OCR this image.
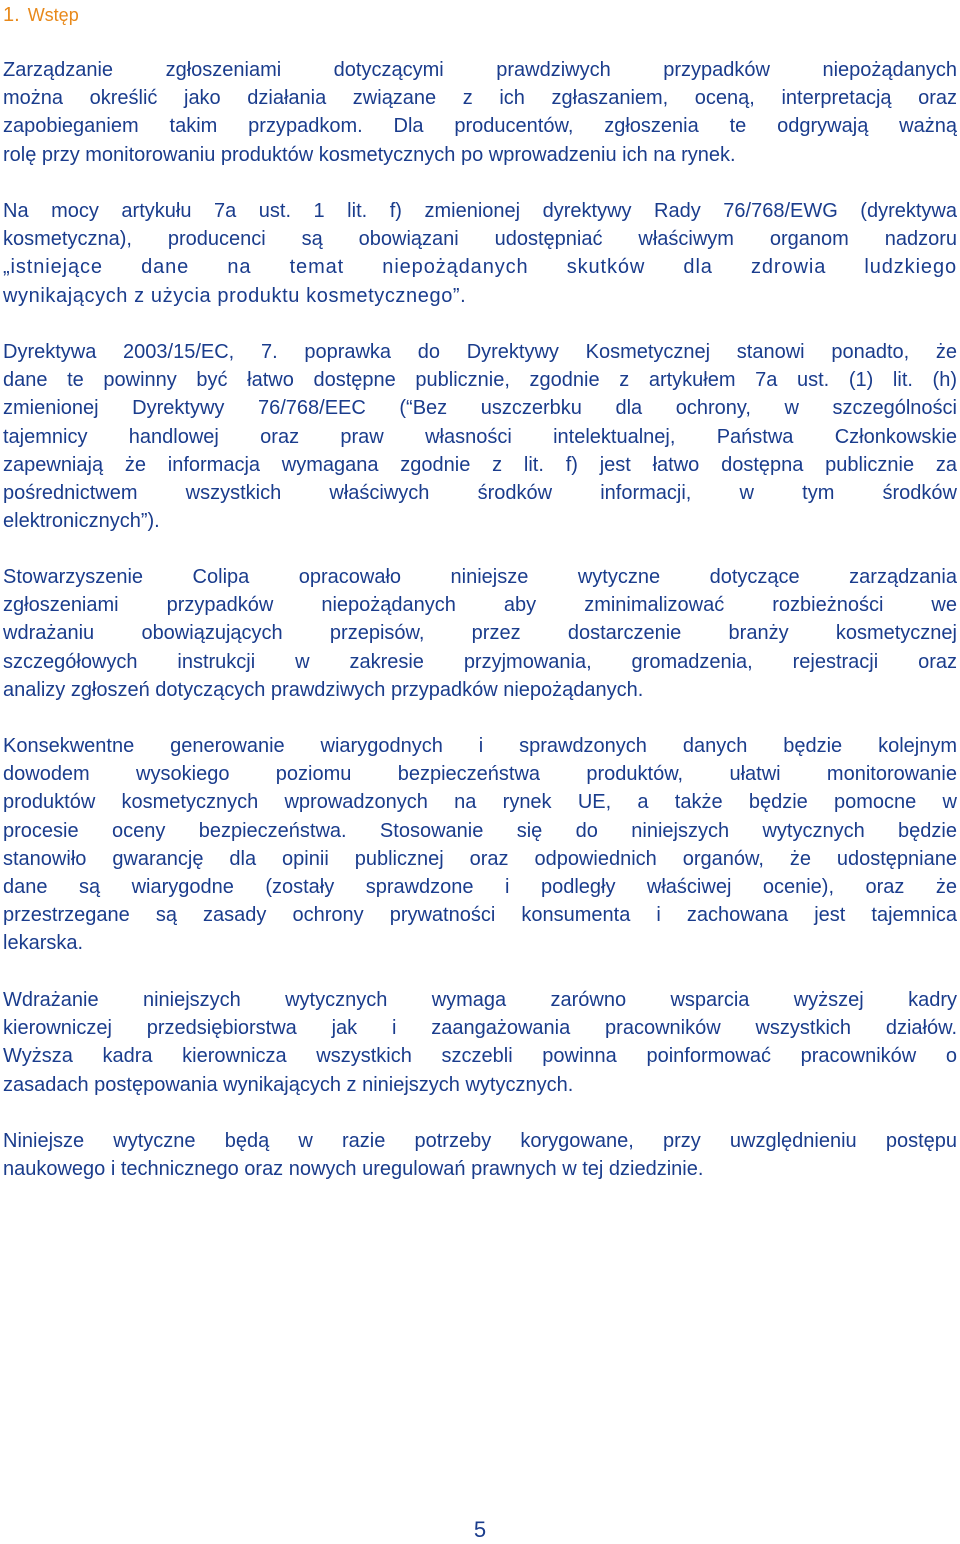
1. Wstęp
Zarządzanie zgłoszeniami dotyczącymi prawdziwych przypadków niepożądanych
można określić jako działania związane z ich zgłaszaniem, oceną, interpretacją oraz
zapobieganiem takim przypadkom. Dla producentów, zgłoszenia te odgrywają ważną
rolę przy monitorowaniu produktów kosmetycznych po wprowadzeniu ich na rynek.
Na mocy artykułu 7a ust. 1 lit. f) zmienionej dyrektywy Rady 76/768/EWG (dyrektywa
kosmetyczna), producenci są obowiązani udostępniać właściwym organom nadzoru
„istniejące dane na temat niepożądanych skutków dla zdrowia ludzkiego
wynikających z użycia produktu kosmetycznego”.
Dyrektywa 2003/15/EC, 7. poprawka do Dyrektywy Kosmetycznej stanowi ponadto, że
dane te powinny być łatwo dostępne publicznie, zgodnie z artykułem 7a ust. (1) lit. (h)
zmienionej Dyrektywy 76/768/EEC (“Bez uszczerbku dla ochrony, w szczególności
tajemnicy handlowej oraz praw własności intelektualnej, Państwa Członkowskie
zapewniają że informacja wymagana zgodnie z lit. f) jest łatwo dostępna publicznie za
pośrednictwem wszystkich właściwych środków informacji, w tym środków
elektronicznych”).
Stowarzyszenie Colipa opracowało niniejsze wytyczne dotyczące zarządzania
zgłoszeniami przypadków niepożądanych aby zminimalizować rozbieżności we
wdrażaniu obowiązujących przepisów, przez dostarczenie branży kosmetycznej
szczegółowych instrukcji w zakresie przyjmowania, gromadzenia, rejestracji oraz
analizy zgłoszeń dotyczących prawdziwych przypadków niepożądanych.
Konsekwentne generowanie wiarygodnych i sprawdzonych danych będzie kolejnym
dowodem wysokiego poziomu bezpieczeństwa produktów, ułatwi monitorowanie
produktów kosmetycznych wprowadzonych na rynek UE, a także będzie pomocne w
procesie oceny bezpieczeństwa. Stosowanie się do niniejszych wytycznych będzie
stanowiło gwarancję dla opinii publicznej oraz odpowiednich organów, że udostępniane
dane są wiarygodne (zostały sprawdzone i podległy właściwej ocenie), oraz że
przestrzegane są zasady ochrony prywatności konsumenta i zachowana jest tajemnica
lekarska.
Wdrażanie niniejszych wytycznych wymaga zarówno wsparcia wyższej kadry
kierowniczej przedsiębiorstwa jak i zaangażowania pracowników wszystkich działów.
Wyższa kadra kierownicza wszystkich szczebli powinna poinformować pracowników o
zasadach postępowania wynikających z niniejszych wytycznych.
Niniejsze wytyczne będą w razie potrzeby korygowane, przy uwzględnieniu postępu
naukowego i technicznego oraz nowych uregulowań prawnych w tej dziedzinie.
5
